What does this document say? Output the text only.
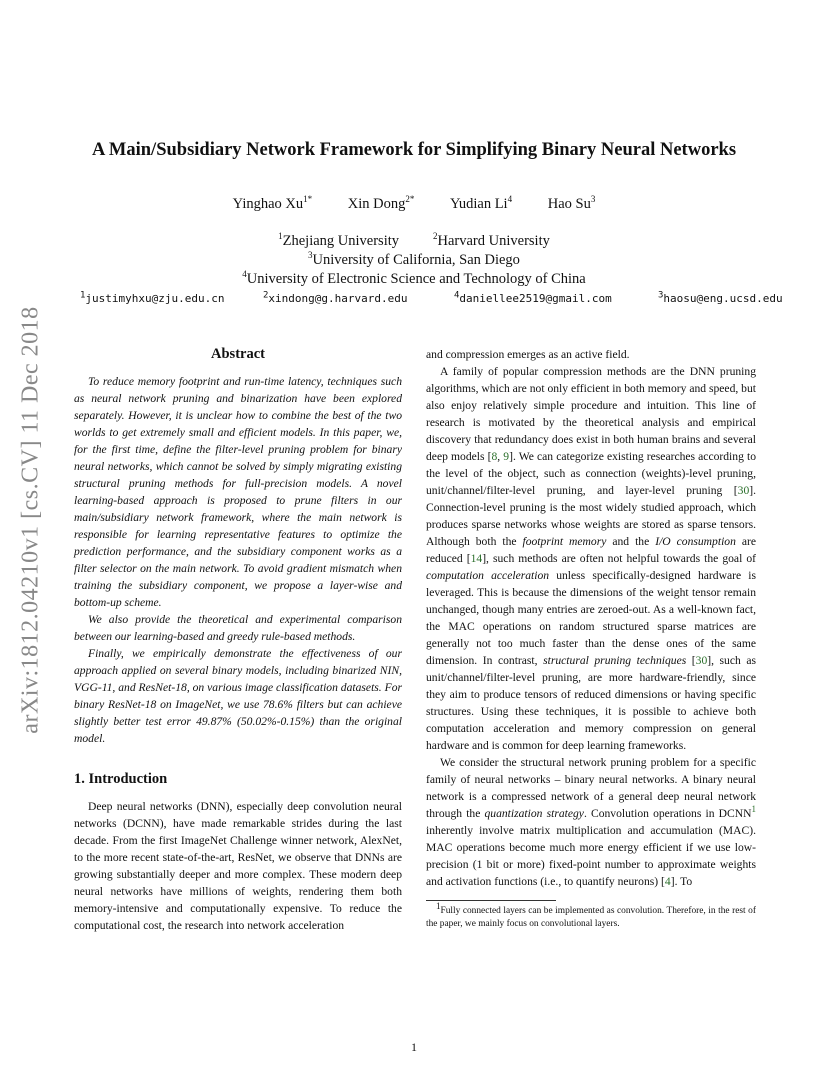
arXiv:1812.04210v1 [cs.CV] 11 Dec 2018
A Main/Subsidiary Network Framework for Simplifying Binary Neural Networks
Yinghao $Xu^{1*}$ Xin Dong$^{2*}$ Yudian Li$^4$ Hao Su$^3$
$^1$Zhejiang University	$^2$Harvard University
$^3$University of California, San Diego
$^4$University of Electronic Science and Technology of China
$^1$ justimyhxu@zju.edu.cn	$^2$ xindong@g.harvard.edu	$^4$ daniellee2519@gmail.com	$^3$ haosu@eng.ucsd.edu
Abstract

To reduce memory footprint and run-time latency, techniques such as neural network pruning and binarization have been explored separately. However, it is unclear how to combine the best of the two worlds to get extremely small and efficient models. In this paper, we, for the first time, define the filter-level pruning problem for binary neural networks, which cannot be solved by simply migrating existing structural pruning methods for full-precision models. A novel learning-based approach is proposed to prune filters in our main/subsidiary network framework, where the main network is responsible for learning representative features to optimize the prediction performance, and the subsidiary component works as a filter selector on the main network. To avoid gradient mismatch when training the subsidiary component, we propose a layer-wise and bottom-up scheme.

We also provide the theoretical and experimental comparison between our learning-based and greedy rule-based methods.

Finally, we empirically demonstrate the effectiveness of our approach applied on several binary models, including binarized NIN, VGG-11, and ResNet-18, on various image classification datasets. For binary ResNet-18 on ImageNet, we use 78.6% filters but can achieve slightly better test error 49.87% (50.02%-0.15%) than the original model.

1. Introduction

Deep neural networks (DNN), especially deep convolution neural networks (DCNN), have made remarkable strides during the last decade. From the first ImageNet Challenge winner network, AlexNet, to the more recent state-of-the-art, ResNet, we observe that DNNs are growing substantially deeper and more complex. These modern deep neural networks have millions of weights, rendering them both memory-intensive and computationally expensive. To reduce the computational cost, the research into network acceleration

and compression emerges as an active field.

A family of popular compression methods are the DNN pruning algorithms, which are not only efficient in both memory and speed, but also enjoy relatively simple procedure and intuition. This line of research is motivated by the theoretical analysis and empirical discovery that redundancy does exist in both human brains and several deep models [8, 9]. We can categorize existing researches according to the level of the object, such as connection (weights)-level pruning, unit/channel/filter-level pruning, and layer-level pruning [30]. Connection-level pruning is the most widely studied approach, which produces sparse networks whose weights are stored as sparse tensors. Although both the footprint memory and the I/O consumption are reduced [14], such methods are often not helpful towards the goal of computation acceleration unless specifically-designed hardware is leveraged. This is because the dimensions of the weight tensor remain unchanged, though many entries are zeroed-out. As a well-known fact, the MAC operations on random structured sparse matrices are generally not too much faster than the dense ones of the same dimension. In contrast, structural pruning techniques [30], such as unit/channel/filter-level pruning, are more hardware-friendly, since they aim to produce tensors of reduced dimensions or having specific structures. Using these techniques, it is possible to achieve both computation acceleration and memory compression on general hardware and is common for deep learning frameworks.

We consider the structural network pruning problem for a specific family of neural networks – binary neural networks. A binary neural network is a compressed network of a general deep neural network through the quantization strategy. Convolution operations in DCNN$^1$ inherently involve matrix multiplication and accumulation (MAC). MAC operations become much more energy efficient if we use low-precision (1 bit or more) fixed-point number to approximate weights and activation functions (i.e., to quantify neurons) [4]. To

$^1$Fully connected layers can be implemented as convolution. Therefore, in the rest of the paper, we mainly focus on convolutional layers.
1
